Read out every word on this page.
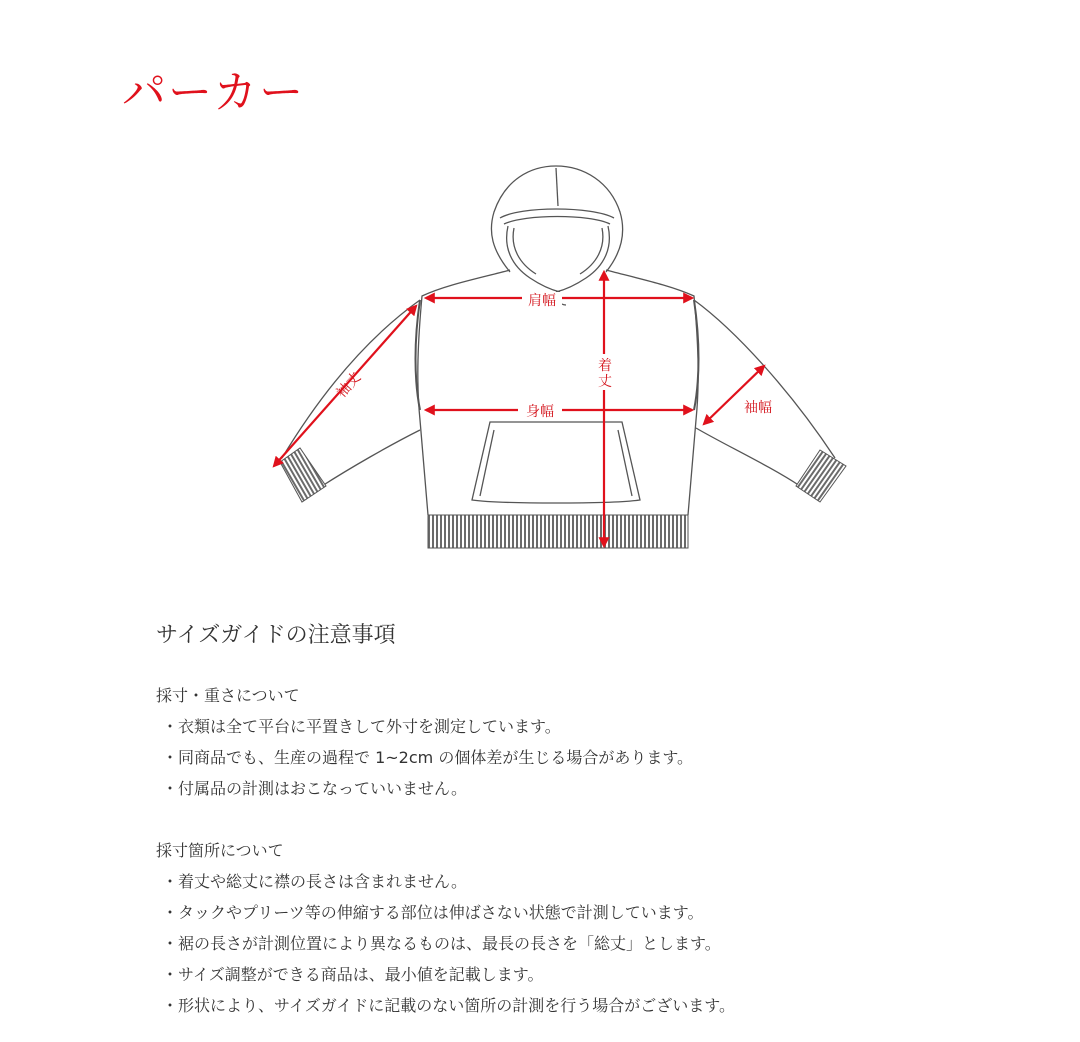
パーカー
肩幅
身幅
着丈
袖丈
袖幅
サイズガイドの注意事項
採寸・重さについて
・衣類は全て平台に平置きして外寸を測定しています。
・同商品でも、生産の過程で 1~2cm の個体差が生じる場合があります。
・付属品の計測はおこなっていいません。
採寸箇所について
・着丈や総丈に襟の長さは含まれません。
・タックやプリーツ等の伸縮する部位は伸ばさない状態で計測しています。
・裾の長さが計測位置により異なるものは、最長の長さを「総丈」とします。
・サイズ調整ができる商品は、最小値を記載します。
・形状により、サイズガイドに記載のない箇所の計測を行う場合がございます。
